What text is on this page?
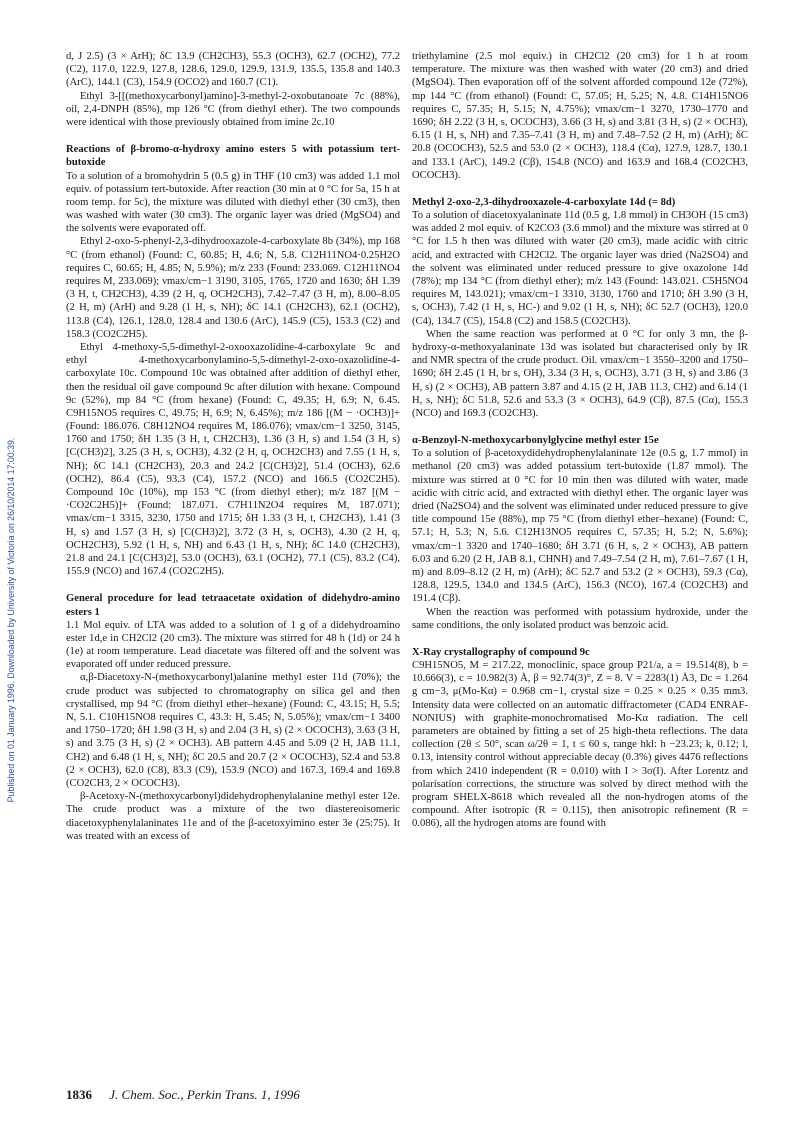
Published on 01 January 1996. Downloaded by University of Victoria on 26/10/2014 17:00:39.

d, J 2.5) (3 × ArH); δC 13.9 (CH2CH3), 55.3 (OCH3), 62.7 (OCH2), 77.2 (C2), 117.0, 122.9, 127.8, 128.6, 129.0, 129.9, 131.9, 135.5, 135.8 and 140.3 (ArC), 144.1 (C3), 154.9 (OCO2) and 160.7 (C1).

Ethyl 3-[[(methoxycarbonyl)amino]-3-methyl-2-oxobutanoate 7c (88%), oil, 2,4-DNPH (85%), mp 126 °C (from diethyl ether). The two compounds were identical with those previously obtained from imine 2c.10

Reactions of β-bromo-α-hydroxy amino esters 5 with potassium tert-butoxide

To a solution of a bromohydrin 5 (0.5 g) in THF (10 cm3) was added 1.1 mol equiv. of potassium tert-butoxide. After reaction (30 min at 0 °C for 5a, 15 h at room temp. for 5c), the mixture was diluted with diethyl ether (30 cm3), then was washed with water (30 cm3). The organic layer was dried (MgSO4) and the solvents were evaporated off.

Ethyl 2-oxo-5-phenyl-2,3-dihydrooxazole-4-carboxylate 8b (34%), mp 168 °C (from ethanol) (Found: C, 60.85; H, 4.6; N, 5.8. C12H11NO4·0.25H2O requires C, 60.65; H, 4.85; N, 5.9%); m/z 233 (Found: 233.069. C12H11NO4 requires M, 233.069); νmax/cm−1 3190, 3105, 1765, 1720 and 1630; δH 1.39 (3 H, t, CH2CH3), 4.39 (2 H, q, OCH2CH3), 7.42–7.47 (3 H, m), 8.00–8.05 (2 H, m) (ArH) and 9.28 (1 H, s, NH); δC 14.1 (CH2CH3), 62.1 (OCH2), 113.8 (C4), 126.1, 128.0, 128.4 and 130.6 (ArC), 145.9 (C5), 153.3 (C2) and 158.3 (CO2C2H5).

Ethyl 4-methoxy-5,5-dimethyl-2-oxooxazolidine-4-carboxylate 9c and ethyl 4-methoxycarbonylamino-5,5-dimethyl-2-oxo-oxazolidine-4-carboxylate 10c. Compound 10c was obtained after addition of diethyl ether, then the residual oil gave compound 9c after dilution with hexane. Compound 9c (52%), mp 84 °C (from hexane) (Found: C, 49.35; H, 6.9; N, 6.45. C9H15NO5 requires C, 49.75; H, 6.9; N, 6.45%); m/z 186 [(M − ·OCH3)]+ (Found: 186.076. C8H12NO4 requires M, 186.076); νmax/cm−1 3250, 3145, 1760 and 1750; δH 1.35 (3 H, t, CH2CH3), 1.36 (3 H, s) and 1.54 (3 H, s) [C(CH3)2], 3.25 (3 H, s, OCH3), 4.32 (2 H, q, OCH2CH3) and 7.55 (1 H, s, NH); δC 14.1 (CH2CH3), 20.3 and 24.2 [C(CH3)2], 51.4 (OCH3), 62.6 (OCH2), 86.4 (C5), 93.3 (C4), 157.2 (NCO) and 166.5 (CO2C2H5). Compound 10c (10%), mp 153 °C (from diethyl ether); m/z 187 [(M − ·CO2C2H5)]+ (Found: 187.071. C7H11N2O4 requires M, 187.071); νmax/cm−1 3315, 3230, 1750 and 1715; δH 1.33 (3 H, t, CH2CH3), 1.41 (3 H, s) and 1.57 (3 H, s) [C(CH3)2], 3.72 (3 H, s, OCH3), 4.30 (2 H, q, OCH2CH3), 5.92 (1 H, s, NH) and 6.43 (1 H, s, NH); δC 14.0 (CH2CH3), 21.8 and 24.1 [C(CH3)2], 53.0 (OCH3), 63.1 (OCH2), 77.1 (C5), 83.2 (C4), 155.9 (NCO) and 167.4 (CO2C2H5).

General procedure for lead tetraacetate oxidation of didehydro-amino esters 1

1.1 Mol equiv. of LTA was added to a solution of 1 g of a didehydroamino ester 1d,e in CH2Cl2 (20 cm3). The mixture was stirred for 48 h (1d) or 24 h (1e) at room temperature. Lead diacetate was filtered off and the solvent was evaporated off under reduced pressure.

α,β-Diacetoxy-N-(methoxycarbonyl)alanine methyl ester 11d (70%); the crude product was subjected to chromatography on silica gel and then crystallised, mp 94 °C (from diethyl ether–hexane) (Found: C, 43.15; H, 5.5; N, 5.1. C10H15NO8 requires C, 43.3: H, 5.45; N, 5.05%); νmax/cm−1 3400 and 1750–1720; δH 1.98 (3 H, s) and 2.04 (3 H, s) (2 × OCOCH3), 3.63 (3 H, s) and 3.75 (3 H, s) (2 × OCH3). AB pattern 4.45 and 5.09 (2 H, JAB 11.1, CH2) and 6.48 (1 H, s, NH); δC 20.5 and 20.7 (2 × OCOCH3), 52.4 and 53.8 (2 × OCH3), 62.0 (C8), 83.3 (C9), 153.9 (NCO) and 167.3, 169.4 and 169.8 (CO2CH3, 2 × OCOCH3).

β-Acetoxy-N-(methoxycarbonyl)didehydrophenylalanine methyl ester 12e. The crude product was a mixture of the two diastereoisomeric diacetoxyphenylalaninates 11e and of the β-acetoxyimino ester 3e (25:75). It was treated with an excess of

triethylamine (2.5 mol equiv.) in CH2Cl2 (20 cm3) for 1 h at room temperature. The mixture was then washed with water (20 cm3) and dried (MgSO4). Then evaporation off of the solvent afforded compound 12e (72%), mp 144 °C (from ethanol) (Found: C, 57.05; H, 5.25; N, 4.8. C14H15NO6 requires C, 57.35; H, 5.15; N, 4.75%); νmax/cm−1 3270, 1730–1770 and 1690; δH 2.22 (3 H, s, OCOCH3), 3.66 (3 H, s) and 3.81 (3 H, s) (2 × OCH3), 6.15 (1 H, s, NH) and 7.35–7.41 (3 H, m) and 7.48–7.52 (2 H, m) (ArH); δC 20.8 (OCOCH3), 52.5 and 53.0 (2 × OCH3), 118.4 (Cα), 127.9, 128.7, 130.1 and 133.1 (ArC), 149.2 (Cβ), 154.8 (NCO) and 163.9 and 168.4 (CO2CH3, OCOCH3).

Methyl 2-oxo-2,3-dihydrooxazole-4-carboxylate 14d (= 8d)

To a solution of diacetoxyalaninate 11d (0.5 g, 1.8 mmol) in CH3OH (15 cm3) was added 2 mol equiv. of K2CO3 (3.6 mmol) and the mixture was stirred at 0 °C for 1.5 h then was diluted with water (20 cm3), made acidic with citric acid, and extracted with CH2Cl2. The organic layer was dried (Na2SO4) and the solvent was eliminated under reduced pressure to give oxazolone 14d (78%); mp 134 °C (from diethyl ether); m/z 143 (Found: 143.021. C5H5NO4 requires M, 143.021); νmax/cm−1 3310, 3130, 1760 and 1710; δH 3.90 (3 H, s, OCH3), 7.42 (1 H, s, HC-) and 9.02 (1 H, s, NH); δC 52.7 (OCH3), 120.0 (C4), 134.7 (C5), 154.8 (C2) and 158.5 (CO2CH3).

When the same reaction was performed at 0 °C for only 3 mn, the β-hydroxy-α-methoxyalaninate 13d was isolated but characterised only by IR and NMR spectra of the crude product. Oil. νmax/cm−1 3550–3200 and 1750–1690; δH 2.45 (1 H, br s, OH), 3.34 (3 H, s, OCH3), 3.71 (3 H, s) and 3.86 (3 H, s) (2 × OCH3), AB pattern 3.87 and 4.15 (2 H, JAB 11.3, CH2) and 6.14 (1 H, s, NH); δC 51.8, 52.6 and 53.3 (3 × OCH3), 64.9 (Cβ), 87.5 (Cα), 155.3 (NCO) and 169.3 (CO2CH3).

α-Benzoyl-N-methoxycarbonylglycine methyl ester 15e

To a solution of β-acetoxydidehydrophenylalaninate 12e (0.5 g, 1.7 mmol) in methanol (20 cm3) was added potassium tert-butoxide (1.87 mmol). The mixture was stirred at 0 °C for 10 min then was diluted with water, made acidic with citric acid, and extracted with diethyl ether. The organic layer was dried (Na2SO4) and the solvent was eliminated under reduced pressure to give title compound 15e (88%), mp 75 °C (from diethyl ether–hexane) (Found: C, 57.1; H, 5.3; N, 5.6. C12H13NO5 requires C, 57.35; H, 5.2; N, 5.6%); νmax/cm−1 3320 and 1740–1680; δH 3.71 (6 H, s, 2 × OCH3), AB pattern 6.03 and 6.20 (2 H, JAB 8.1, CHNH) and 7.49–7.54 (2 H, m), 7.61–7.67 (1 H, m) and 8.09–8.12 (2 H, m) (ArH); δC 52.7 and 53.2 (2 × OCH3), 59.3 (Cα), 128.8, 129.5, 134.0 and 134.5 (ArC), 156.3 (NCO), 167.4 (CO2CH3) and 191.4 (Cβ).

When the reaction was performed with potassium hydroxide, under the same conditions, the only isolated product was benzoic acid.

X-Ray crystallography of compound 9c

C9H15NO5, M = 217.22, monoclinic, space group P21/a, a = 19.514(8), b = 10.666(3), c = 10.982(3) Å, β = 92.74(3)°, Z = 8. V = 2283(1) Å3, Dc = 1.264 g cm−3, μ(Mo-Kα) = 0.968 cm−1, crystal size = 0.25 × 0.25 × 0.35 mm3. Intensity data were collected on an automatic diffractometer (CAD4 ENRAF-NONIUS) with graphite-monochromatised Mo-Kα radiation. The cell parameters are obtained by fitting a set of 25 high-theta reflections. The data collection (2θ ≤ 50°, scan ω/2θ = 1, t ≤ 60 s, range hkl: h −23.23; k, 0.12; l, 0.13, intensity control without appreciable decay (0.3%) gives 4476 reflections from which 2410 independent (R = 0.010) with I > 3σ(I). After Lorentz and polarisation corrections, the structure was solved by direct method with the program SHELX-8618 which revealed all the non-hydrogen atoms of the compound. After isotropic (R = 0.115), then anisotropic refinement (R = 0.086), all the hydrogen atoms are found with

1836 J. Chem. Soc., Perkin Trans. 1, 1996
